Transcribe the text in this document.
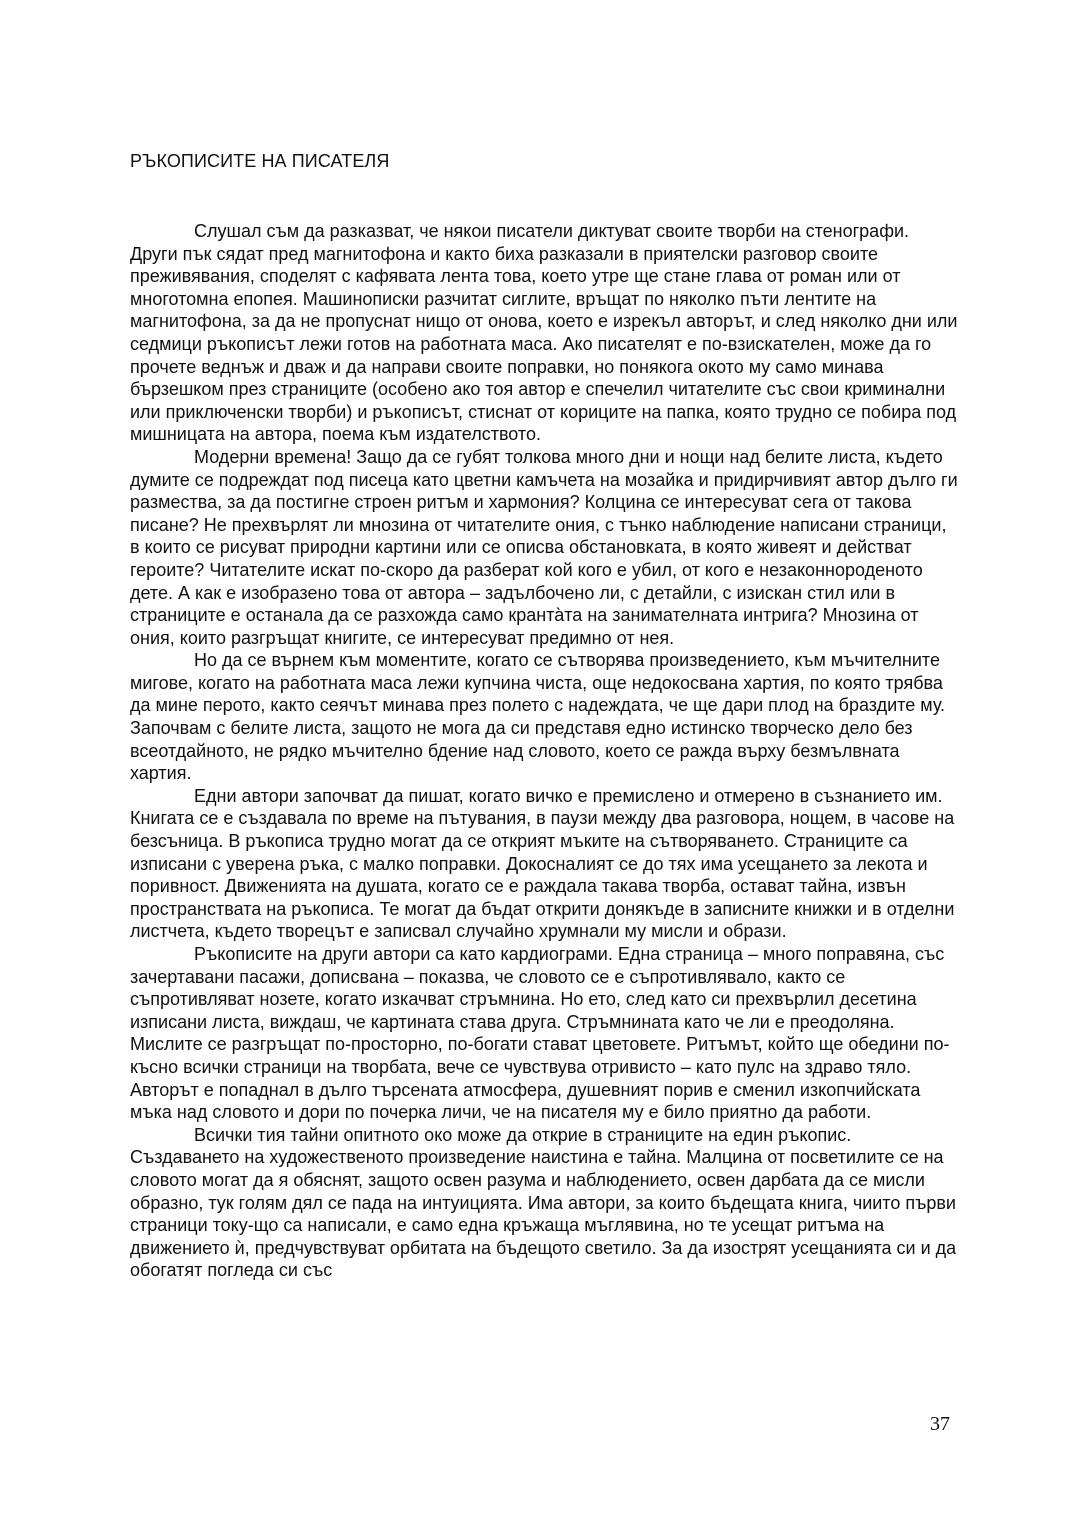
РЪКОПИСИТЕ НА ПИСАТЕЛЯ

Слушал съм да разказват, че някои писатели диктуват своите творби на стенографи. Други пък сядат пред магнитофона и както биха разказали в приятелски разговор своите преживявания, споделят с кафявата лента това, което утре ще стане глава от роман или от многотомна епопея. Машинописки разчитат сиглите, връщат по няколко пъти лентите на магнитофона, за да не пропуснат нищо от онова, което е изрекъл авторът, и след няколко дни или седмици ръкописът лежи готов на работната маса. Ако писателят е по-взискателен, може да го прочете веднъж и дваж и да направи своите поправки, но понякога окото му само минава бързешком през страниците (особено ако тоя автор е спечелил читателите със свои криминални или приключенски творби) и ръкописът, стиснат от кориците на папка, която трудно се побира под мишницата на автора, поема към издателството.

Модерни времена! Защо да се губят толкова много дни и нощи над белите листа, където думите се подреждат под писеца като цветни камъчета на мозайка и придирчивият автор дълго ги размества, за да постигне строен ритъм и хармония? Колцина се интересуват сега от такова писане? Не прехвърлят ли мнозина от читателите ония, с тънко наблюдение написани страници, в които се рисуват природни картини или се описва обстановката, в която живеят и действат героите? Читателите искат по-скоро да разберат кой кого е убил, от кого е незаконнороденото дете. А как е изобразено това от автора – задълбочено ли, с детайли, с изискан стил или в страниците е останала да се разхожда само кранта̀та на занимателната интрига? Мнозина от ония, които разгръщат книгите, се интересуват предимно от нея.

Но да се върнем към моментите, когато се сътворява произведението, към мъчителните мигове, когато на работната маса лежи купчина чиста, още недокосвана хартия, по която трябва да мине перото, както сеячът минава през полето с надеждата, че ще дари плод на браздите му. Започвам с белите листа, защото не мога да си представя едно истинско творческо дело без всеотдайното, не рядко мъчително бдение над словото, което се ражда върху безмълвната хартия.

Едни автори започват да пишат, когато вичко е премислено и отмерено в съзнанието им. Книгата се е създавала по време на пътувания, в паузи между два разговора, нощем, в часове на безсъница. В ръкописа трудно могат да се открият мъките на сътворяването. Страниците са изписани с уверена ръка, с малко поправки. Докосналият се до тях има усещането за лекота и поривност. Движенията на душата, когато се е раждала такава творба, остават тайна, извън пространствата на ръкописа. Те могат да бъдат открити донякъде в записните книжки и в отделни листчета, където творецът е записвал случайно хрумнали му мисли и образи.

Ръкописите на други автори са като кардиограми. Една страница – много поправяна, със зачертавани пасажи, дописвана – показва, че словото се е съпротивлявало, както се съпротивляват нозете, когато изкачват стръмнина. Но ето, след като си прехвърлил десетина изписани листа, виждаш, че картината става друга. Стръмнината като че ли е преодоляна. Мислите се разгръщат по-просторно, по-богати стават цветовете. Ритъмът, който ще обедини по-късно всички страници на творбата, вече се чувствува отривисто – като пулс на здраво тяло. Авторът е попаднал в дълго търсената атмосфера, душевният порив е сменил изкопчийската мъка над словото и дори по почерка личи, че на писателя му е било приятно да работи.

Всички тия тайни опитното око може да открие в страниците на един ръкопис. Създаването на художественото произведение наистина е тайна. Малцина от посветилите се на словото могат да я обяснят, защото освен разума и наблюдението, освен дарбата да се мисли образно, тук голям дял се пада на интуицията. Има автори, за които бъдещата книга, чиито първи страници току-що са написали, е само една кръжаща мъглявина, но те усещат ритъма на движението ѝ, предчувствуват орбитата на бъдещото светило. За да изострят усещанията си и да обогатят погледа си със

37
